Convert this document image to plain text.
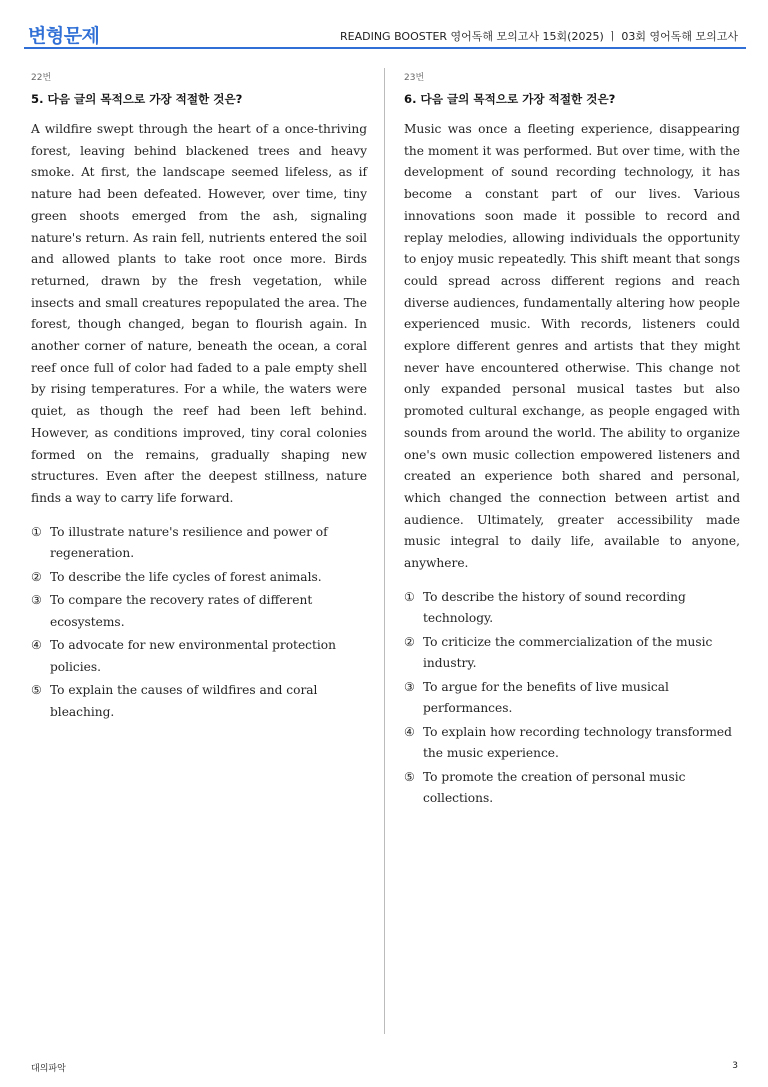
변형문제	READING BOOSTER 영어독해 모의고사 15회(2025) ㅣ 03회 영어독해 모의고사
22번
5. 다음 글의 목적으로 가장 적절한 것은?

A wildfire swept through the heart of a once-thriving forest, leaving behind blackened trees and heavy smoke. At first, the landscape seemed lifeless, as if nature had been defeated. However, over time, tiny green shoots emerged from the ash, signaling nature's return. As rain fell, nutrients entered the soil and allowed plants to take root once more. Birds returned, drawn by the fresh vegetation, while insects and small creatures repopulated the area. The forest, though changed, began to flourish again. In another corner of nature, beneath the ocean, a coral reef once full of color had faded to a pale empty shell by rising temperatures. For a while, the waters were quiet, as though the reef had been left behind. However, as conditions improved, tiny coral colonies formed on the remains, gradually shaping new structures. Even after the deepest stillness, nature finds a way to carry life forward.

① To illustrate nature's resilience and power of regeneration.
② To describe the life cycles of forest animals.
③ To compare the recovery rates of different ecosystems.
④ To advocate for new environmental protection policies.
⑤ To explain the causes of wildfires and coral bleaching.
23번
6. 다음 글의 목적으로 가장 적절한 것은?

Music was once a fleeting experience, disappearing the moment it was performed. But over time, with the development of sound recording technology, it has become a constant part of our lives. Various innovations soon made it possible to record and replay melodies, allowing individuals the opportunity to enjoy music repeatedly. This shift meant that songs could spread across different regions and reach diverse audiences, fundamentally altering how people experienced music. With records, listeners could explore different genres and artists that they might never have encountered otherwise. This change not only expanded personal musical tastes but also promoted cultural exchange, as people engaged with sounds from around the world. The ability to organize one's own music collection empowered listeners and created an experience both shared and personal, which changed the connection between artist and audience. Ultimately, greater accessibility made music integral to daily life, available to anyone, anywhere.

① To describe the history of sound recording technology.
② To criticize the commercialization of the music industry.
③ To argue for the benefits of live musical performances.
④ To explain how recording technology transformed the music experience.
⑤ To promote the creation of personal music collections.
대의파악	3
